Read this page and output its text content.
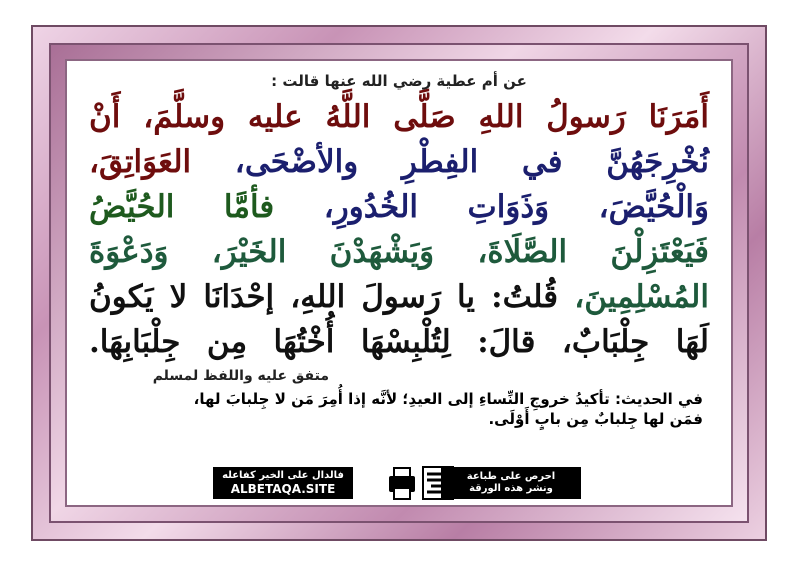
عن أم عطية رضي الله عنها قالت :
أَمَرَنَا رَسولُ اللهِ صَلَّى اللَّهُ عليه وسلَّمَ، أَنْ
نُخْرِجَهُنَّ في الفِطْرِ والأضْحَى، العَوَاتِقَ،
وَالْحُيَّضَ، وَذَوَاتِ الخُدُورِ، فأمَّا الحُيَّضُ
فَيَعْتَزِلْنَ الصَّلَاةَ، وَيَشْهَدْنَ الخَيْرَ، وَدَعْوَةَ
المُسْلِمِينَ، قُلتُ: يا رَسولَ اللهِ، إحْدَانَا لا يَكونُ
لَهَا جِلْبَابٌ، قالَ: لِتُلْبِسْهَا أُخْتُهَا مِن جِلْبَابِهَا.
متفق عليه واللفظ لمسلم
في الحديث: تأكيدُ خروجِ النِّساءِ إلى العيدِ؛ لأنَّه إذا أُمِرَ مَن لا جِلبابَ لها،
فمَن لها جِلبابٌ مِن بابٍ أَوْلَى.
فالدال على الخير كفاعله
ALBETAQA.SITE
احرص على طباعة
ونشر هذه الورقة
